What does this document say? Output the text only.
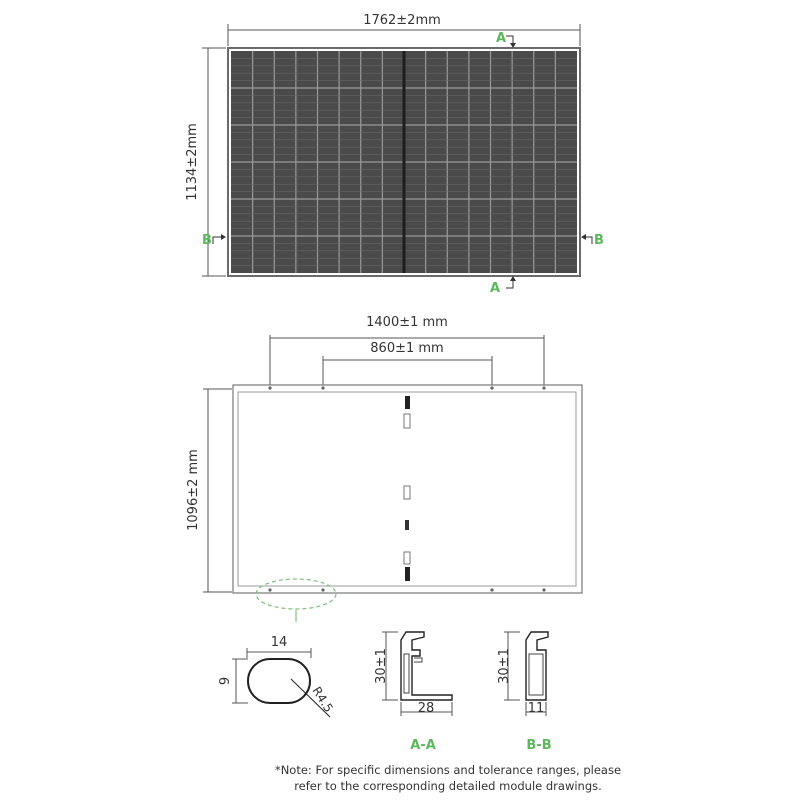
1762±2mm
1134±2mm
A
A
B	B
1400±1 mm
860±1 mm
1096±2 mm
14
9
R4.5
30±1
28
A-A
30±1
11
B-B
*Note: For specific dimensions and tolerance ranges, please
refer to the corresponding detailed module drawings.
